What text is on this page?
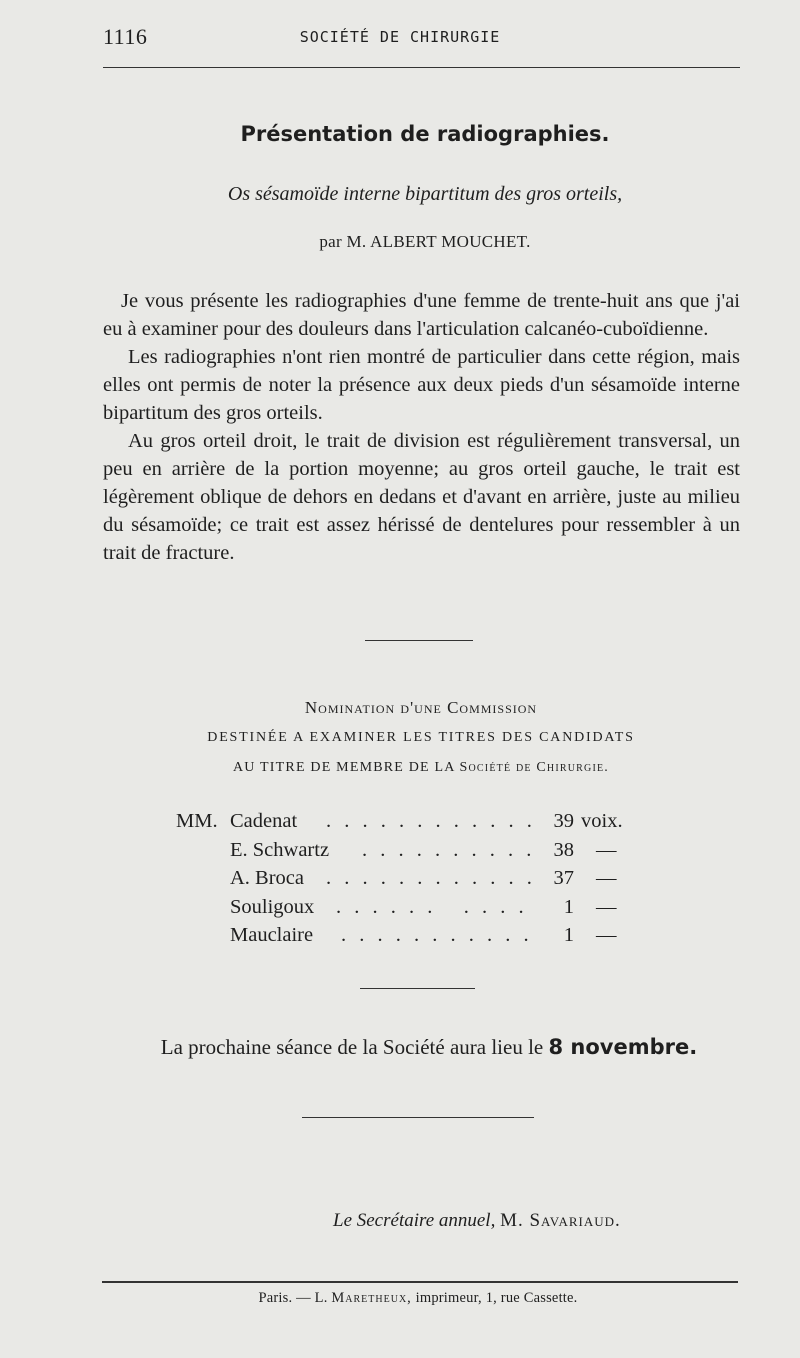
1116	SOCIÉTÉ DE CHIRURGIE
Présentation de radiographies.
Os sésamoïde interne bipartitum des gros orteils,
par M. ALBERT MOUCHET.

Je vous présente les radiographies d'une femme de trente-huit ans que j'ai eu à examiner pour des douleurs dans l'articulation calcanéo-cuboïdienne.

Les radiographies n'ont rien montré de particulier dans cette région, mais elles ont permis de noter la présence aux deux pieds d'un sésamoïde interne bipartitum des gros orteils.

Au gros orteil droit, le trait de division est régulièrement transversal, un peu en arrière de la portion moyenne; au gros orteil gauche, le trait est légèrement oblique de dehors en dedans et d'avant en arrière, juste au milieu du sésamoïde; ce trait est assez hérissé de dentelures pour ressembler à un trait de fracture.

Nomination d'une Commission
DESTINÉE A EXAMINER LES TITRES DES CANDIDATS
AU TITRE DE MEMBRE DE LA Société de Chirurgie.
MM. Cadenat . . . . . . . . . . . . 39 voix.
E. Schwartz . . . . . . . . . . 38 —
A. Broca . . . . . . . . . . . . 37 —
Souligoux . . . . . .   . . . .	1 —
Mauclaire . . . . . . . . . . .	1 —
La prochaine séance de la Société aura lieu le 8 novembre.
Le Secrétaire annuel, M. Savariaud.
Paris. — L. Maretheux, imprimeur, 1, rue Cassette.
